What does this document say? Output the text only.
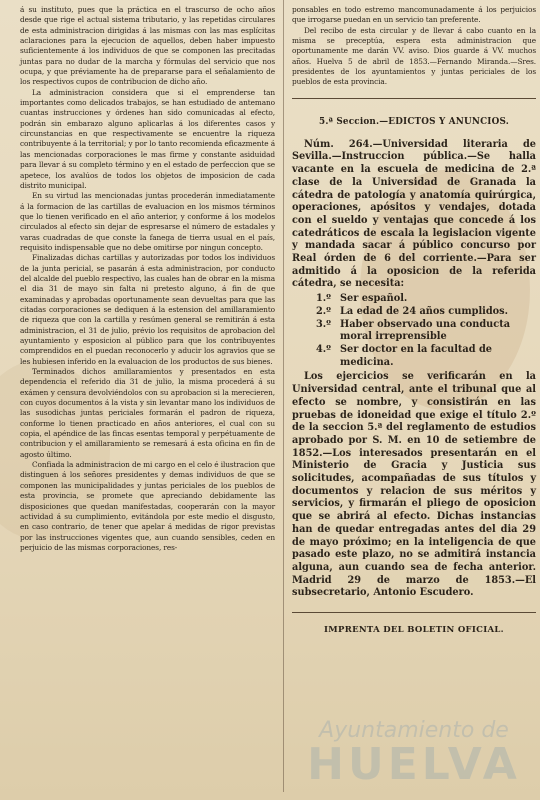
á su instituto, pues que la práctica en el trascurso de ocho años desde que rige el actual sistema tributario, y las repetidas circulares de esta administracion dirigidas á las mismas con las mas esplícitas aclaraciones para la ejecucion de aquellos, deben haber impuesto suficientemente á los individuos de que se componen las precitadas juntas para no dudar de la marcha y fórmulas del servicio que nos ocupa, y que préviamente ha de prepararse para el señalamiento de los respectivos cupos de contribucion de dicho año.

La administracion considera que si el emprenderse tan importantes como delicados trabajos, se han estudiado de antemano cuantas instrucciones y órdenes han sido comunicadas al efecto, podrán sin embarazo alguno aplicarlas á los diferentes casos y circunstancias en que respectivamente se encuentre la riqueza contribuyente á la territorial; y por lo tanto recomienda eficazmente á las mencionadas corporaciones le mas firme y constante asiduidad para llevar á su completo término y en el estado de perfeccion que se apetece, los avalúos de todos los objetos de imposicion de cada distrito municipal.

En su virtud las mencionadas juntas procederán inmediatamente á la formacion de las cartillas de evaluacion en los mismos términos que lo tienen verificado en el año anterior, y conforme á los modelos circulados al efecto sin dejar de espresarse el número de estadales y varas cuadradas de que conste la fanega de tierra usual en el país, requisito indispensable que no debe omitirse por ningun concepto.

Finalizadas dichas cartillas y autorizadas por todos los individuos de la junta pericial, se pasarán á esta administracion, por conducto del alcalde del pueblo respectivo, las cuales han de obrar en la misma el dia 31 de mayo sin falta ni pretesto alguno, á fin de que examinadas y aprobadas oportunamente sean devueltas para que las citadas corporaciones se dediquen á la estension del amillaramiento de riqueza que con la cartilla y resúmen general se remitirán á esta administracion, el 31 de julio, prévio los requisitos de aprobacion del ayuntamiento y esposicion al público para que los contribuyentes comprendidos en el puedan reconocerlo y aducir los agravios que se les hubiesen inferido en la evaluacion de los productos de sus bienes.

Terminados dichos amillaramientos y presentados en esta dependencia el referido dia 31 de julio, la misma procederá á su exámen y censura devolviéndolos con su aprobacion si la merecieren, con cuyos documentos á la vista y sin levantar mano los individuos de las susodichas juntas periciales formarán el padron de riqueza, conforme lo tienen practicado en años anteriores, el cual con su copia, el apéndice de las fincas esentas temporal y perpétuamente de contribucion y el amillaramiento se remesará á esta oficina en fin de agosto último.

Confiada la administracion de mi cargo en el celo é ilustracion que distinguen á los señores presidentes y demas individuos de que se componen las municipalidades y juntas periciales de los pueblos de esta provincia, se promete que apreciando debidamente las disposiciones que quedan manifestadas, cooperarán con la mayor actividad á su cumplimiento, evitándola por este medio el disgusto, en caso contrario, de tener que apelar á medidas de rigor previstas por las instrucciones vigentes que, aun cuando sensibles, ceden en perjuicio de las mismas corporaciones, res-

ponsables en todo estremo mancomunadamente á los perjuicios que irrogarse puedan en un servicio tan preferente.

Del recibo de esta circular y de llevar á cabo cuanto en la misma se preceptúa, espera esta administracion que oportunamente me darán VV. aviso. Dios guarde á VV. muchos años. Huelva 5 de abril de 1853.—Fernando Miranda.—Sres. presidentes de los ayuntamientos y juntas periciales de los pueblos de esta provincia.

5.ª Seccion.—EDICTOS Y ANUNCIOS.

Núm. 264.—Universidad literaria de Sevilla.—Instruccion pública.—Se halla vacante en la escuela de medicina de 2.ª clase de la Universidad de Granada la cátedra de patología y anatomía quirúrgica, operaciones, apósitos y vendajes, dotada con el sueldo y ventajas que concede á los catedráticos de escala la legislacion vigente y mandada sacar á público concurso por Real órden de 6 del corriente.—Para ser admitido á la oposicion de la referida cátedra, se necesita:

1.º Ser español.
2.º La edad de 24 años cumplidos.
3.º Haber observado una conducta moral irreprensible
4.º Ser doctor en la facultad de medicina.

Los ejercicios se verificarán en la Universidad central, ante el tribunal que al efecto se nombre, y consistirán en las pruebas de idoneidad que exige el título 2.º de la seccion 5.ª del reglamento de estudios aprobado por S. M. en 10 de setiembre de 1852.—Los interesados presentarán en el Ministerio de Gracia y Justicia sus solicitudes, acompañadas de sus títulos y documentos y relacion de sus méritos y servicios, y firmarán el pliego de oposicion que se abrirá al efecto. Dichas instancias han de quedar entregadas antes del dia 29 de mayo próximo; en la inteligencia de que pasado este plazo, no se admitirá instancia alguna, aun cuando sea de fecha anterior. Madrid 29 de marzo de 1853.—El subsecretario, Antonio Escudero.

IMPRENTA DEL BOLETIN OFICIAL.
Ayuntamiento de
HUELVA
